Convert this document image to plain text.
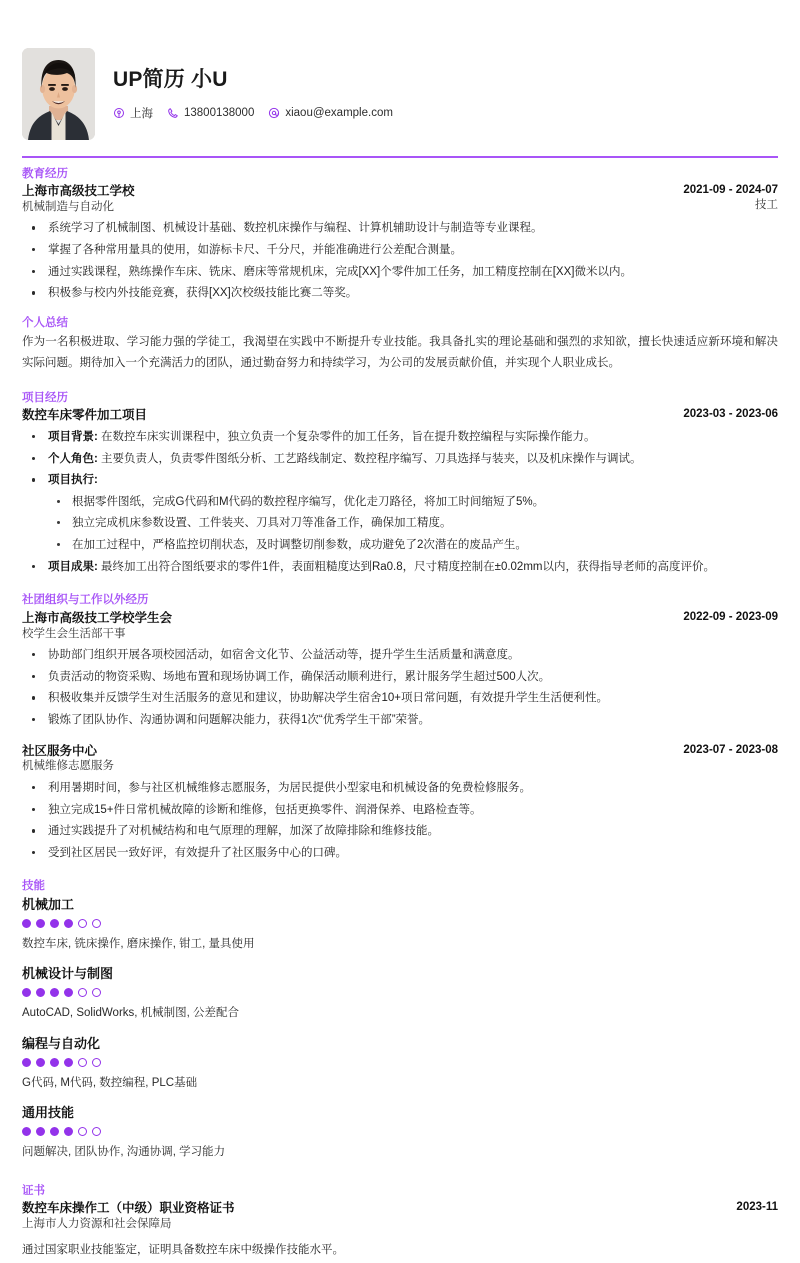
UP简历 小U
上海	13800138000	xiaou@example.com
教育经历
上海市高级技工学校
机械制造与自动化
2021-09 - 2024-07
技工
系统学习了机械制图、机械设计基础、数控机床操作与编程、计算机辅助设计与制造等专业课程。
掌握了各种常用量具的使用，如游标卡尺、千分尺，并能准确进行公差配合测量。
通过实践课程，熟练操作车床、铣床、磨床等常规机床，完成[XX]个零件加工任务，加工精度控制在[XX]微米以内。
积极参与校内外技能竞赛，获得[XX]次校级技能比赛二等奖。
个人总结

作为一名积极进取、学习能力强的学徒工，我渴望在实践中不断提升专业技能。我具备扎实的理论基础和强烈的求知欲，擅长快速适应新环境和解决实际问题。期待加入一个充满活力的团队，通过勤奋努力和持续学习，为公司的发展贡献价值，并实现个人职业成长。

项目经历
数控车床零件加工项目	2023-03 - 2023-06
项目背景: 在数控车床实训课程中，独立负责一个复杂零件的加工任务，旨在提升数控编程与实际操作能力。
个人角色: 主要负责人，负责零件图纸分析、工艺路线制定、数控程序编写、刀具选择与装夹，以及机床操作与调试。
项目执行:
根据零件图纸，完成G代码和M代码的数控程序编写，优化走刀路径，将加工时间缩短了5%。
独立完成机床参数设置、工件装夹、刀具对刀等准备工作，确保加工精度。
在加工过程中，严格监控切削状态，及时调整切削参数，成功避免了2次潜在的废品产生。
项目成果: 最终加工出符合图纸要求的零件1件，表面粗糙度达到Ra0.8，尺寸精度控制在±0.02mm以内，获得指导老师的高度评价。
社团组织与工作以外经历
上海市高级技工学校学生会
校学生会生活部干事
2022-09 - 2023-09
协助部门组织开展各项校园活动，如宿舍文化节、公益活动等，提升学生生活质量和满意度。
负责活动的物资采购、场地布置和现场协调工作，确保活动顺利进行，累计服务学生超过500人次。
积极收集并反馈学生对生活服务的意见和建议，协助解决学生宿舍10+项日常问题，有效提升学生生活便利性。
锻炼了团队协作、沟通协调和问题解决能力，获得1次“优秀学生干部”荣誉。
社区服务中心
机械维修志愿服务
2023-07 - 2023-08
利用暑期时间，参与社区机械维修志愿服务，为居民提供小型家电和机械设备的免费检修服务。
独立完成15+件日常机械故障的诊断和维修，包括更换零件、润滑保养、电路检查等。
通过实践提升了对机械结构和电气原理的理解，加深了故障排除和维修技能。
受到社区居民一致好评，有效提升了社区服务中心的口碑。
技能
机械加工
数控车床, 铣床操作, 磨床操作, 钳工, 量具使用
机械设计与制图
AutoCAD, SolidWorks, 机械制图, 公差配合
编程与自动化
G代码, M代码, 数控编程, PLC基础
通用技能
问题解决, 团队协作, 沟通协调, 学习能力
证书
数控车床操作工（中级）职业资格证书
上海市人力资源和社会保障局
2023-11
通过国家职业技能鉴定，证明具备数控车床中级操作技能水平。
